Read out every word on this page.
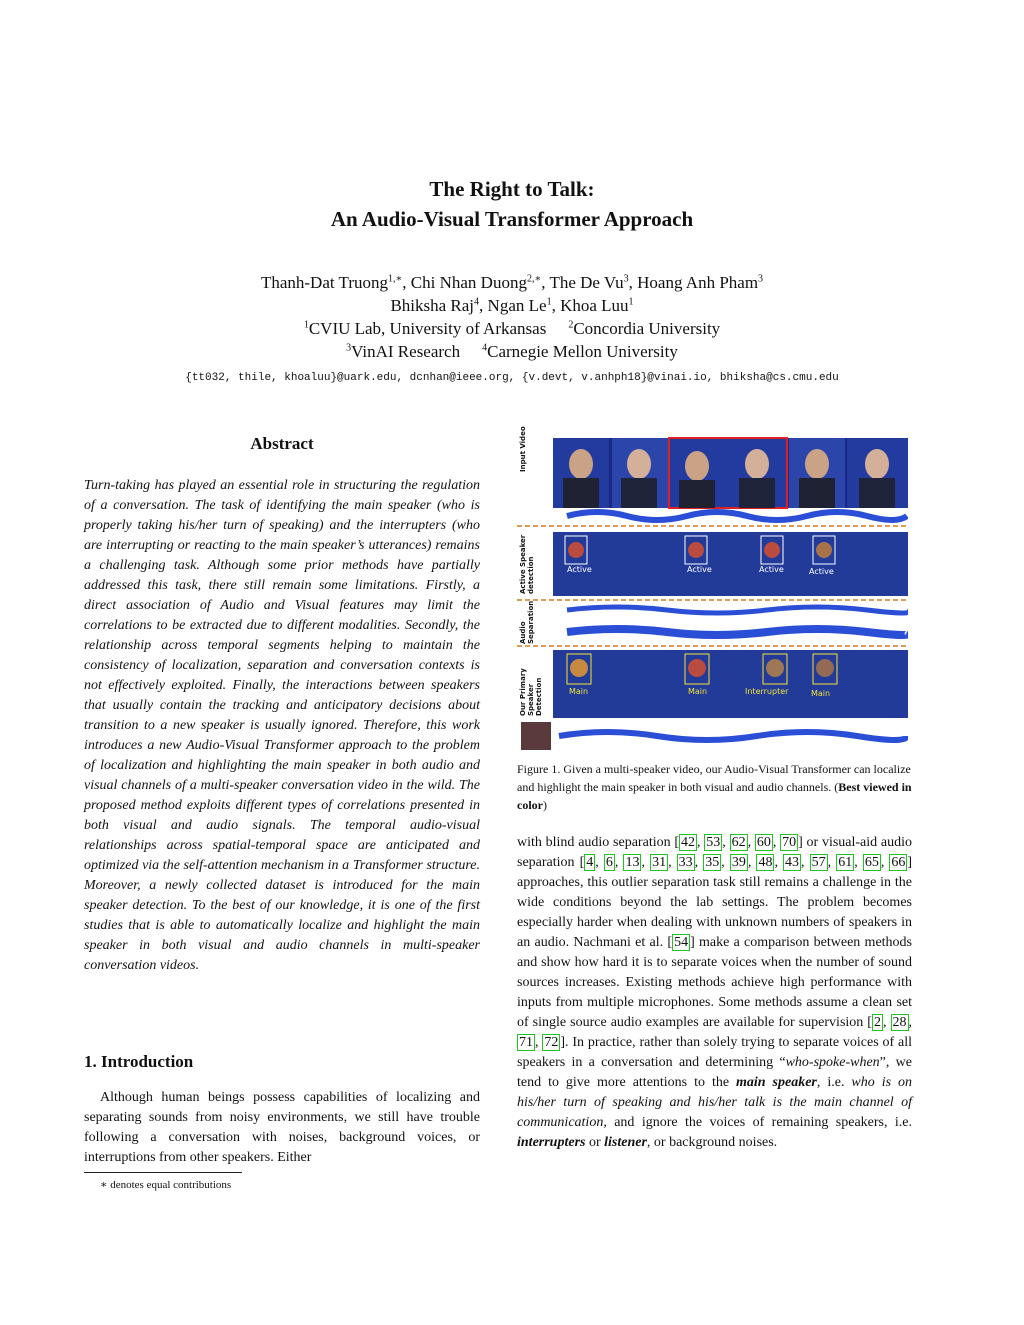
The Right to Talk:
An Audio-Visual Transformer Approach
Thanh-Dat Truong$^{1,∗}$, Chi Nhan Duong$^{2,∗}$, The De Vu$^3$, Hoang Anh Pham$^3$
Bhiksha Raj$^4$, Ngan Le$^1$, Khoa Luu$^1$
$^1$CVIU Lab, University of Arkansas $^2$Concordia University
$^3$VinAI Research $^4$Carnegie Mellon University
{tt032, thile, khoaluu}@uark.edu, dcnhan@ieee.org, {v.devt, v.anhph18}@vinai.io, bhiksha@cs.cmu.edu
Abstract
Turn-taking has played an essential role in structuring the regulation of a conversation. The task of identifying the main speaker (who is properly taking his/her turn of speaking) and the interrupters (who are interrupting or reacting to the main speaker’s utterances) remains a challenging task. Although some prior methods have partially addressed this task, there still remain some limitations. Firstly, a direct association of Audio and Visual features may limit the correlations to be extracted due to different modalities. Secondly, the relationship across temporal segments helping to maintain the consistency of localization, separation and conversation contexts is not effectively exploited. Finally, the interactions between speakers that usually contain the tracking and anticipatory decisions about transition to a new speaker is usually ignored. Therefore, this work introduces a new Audio-Visual Transformer approach to the problem of localization and highlighting the main speaker in both audio and visual channels of a multi-speaker conversation video in the wild. The proposed method exploits different types of correlations presented in both visual and audio signals. The temporal audio-visual relationships across spatial-temporal space are anticipated and optimized via the self-attention mechanism in a Transformer structure. Moreover, a newly collected dataset is introduced for the main speaker detection. To the best of our knowledge, it is one of the first studies that is able to automatically localize and highlight the main speaker in both visual and audio channels in multi-speaker conversation videos.
1. Introduction

Although human beings possess capabilities of localizing and separating sounds from noisy environments, we still have trouble following a conversation with noises, background voices, or interruptions from other speakers. Either

∗ denotes equal contributions
Input Video
Active Speaker detection
Audio Separation
Our Primary Speaker Detection
Active	Active	Active	Active
Main	Main	Interrupter	Main
Figure 1. Given a multi-speaker video, our Audio-Visual Transformer can localize and highlight the main speaker in both visual and audio channels. (Best viewed in color)
with blind audio separation [ 42 , 53 , 62 , 60 , 70 ] or visual-aid audio separation [ 4 , 6 , 13 , 31 , 33 , 35 , 39 , 48 , 43 , 57 , 61 , 65 , 66 ] approaches, this outlier separation task still remains a challenge in the wide conditions beyond the lab settings. The problem becomes especially harder when dealing with unknown numbers of speakers in an audio. Nachmani et al. [ 54 ] make a comparison between methods and show how hard it is to separate voices when the number of sound sources increases. Existing methods achieve high performance with inputs from multiple microphones. Some methods assume a clean set of single source audio examples are available for supervision [ 2 , 28 , 71 , 72 ]. In practice, rather than solely trying to separate voices of all speakers in a conversation and determining “who-spoke-when”, we tend to give more attentions to the main speaker, i.e. who is on his/her turn of speaking and his/her talk is the main channel of communication, and ignore the voices of remaining speakers, i.e. interrupters or listener, or background noises.
